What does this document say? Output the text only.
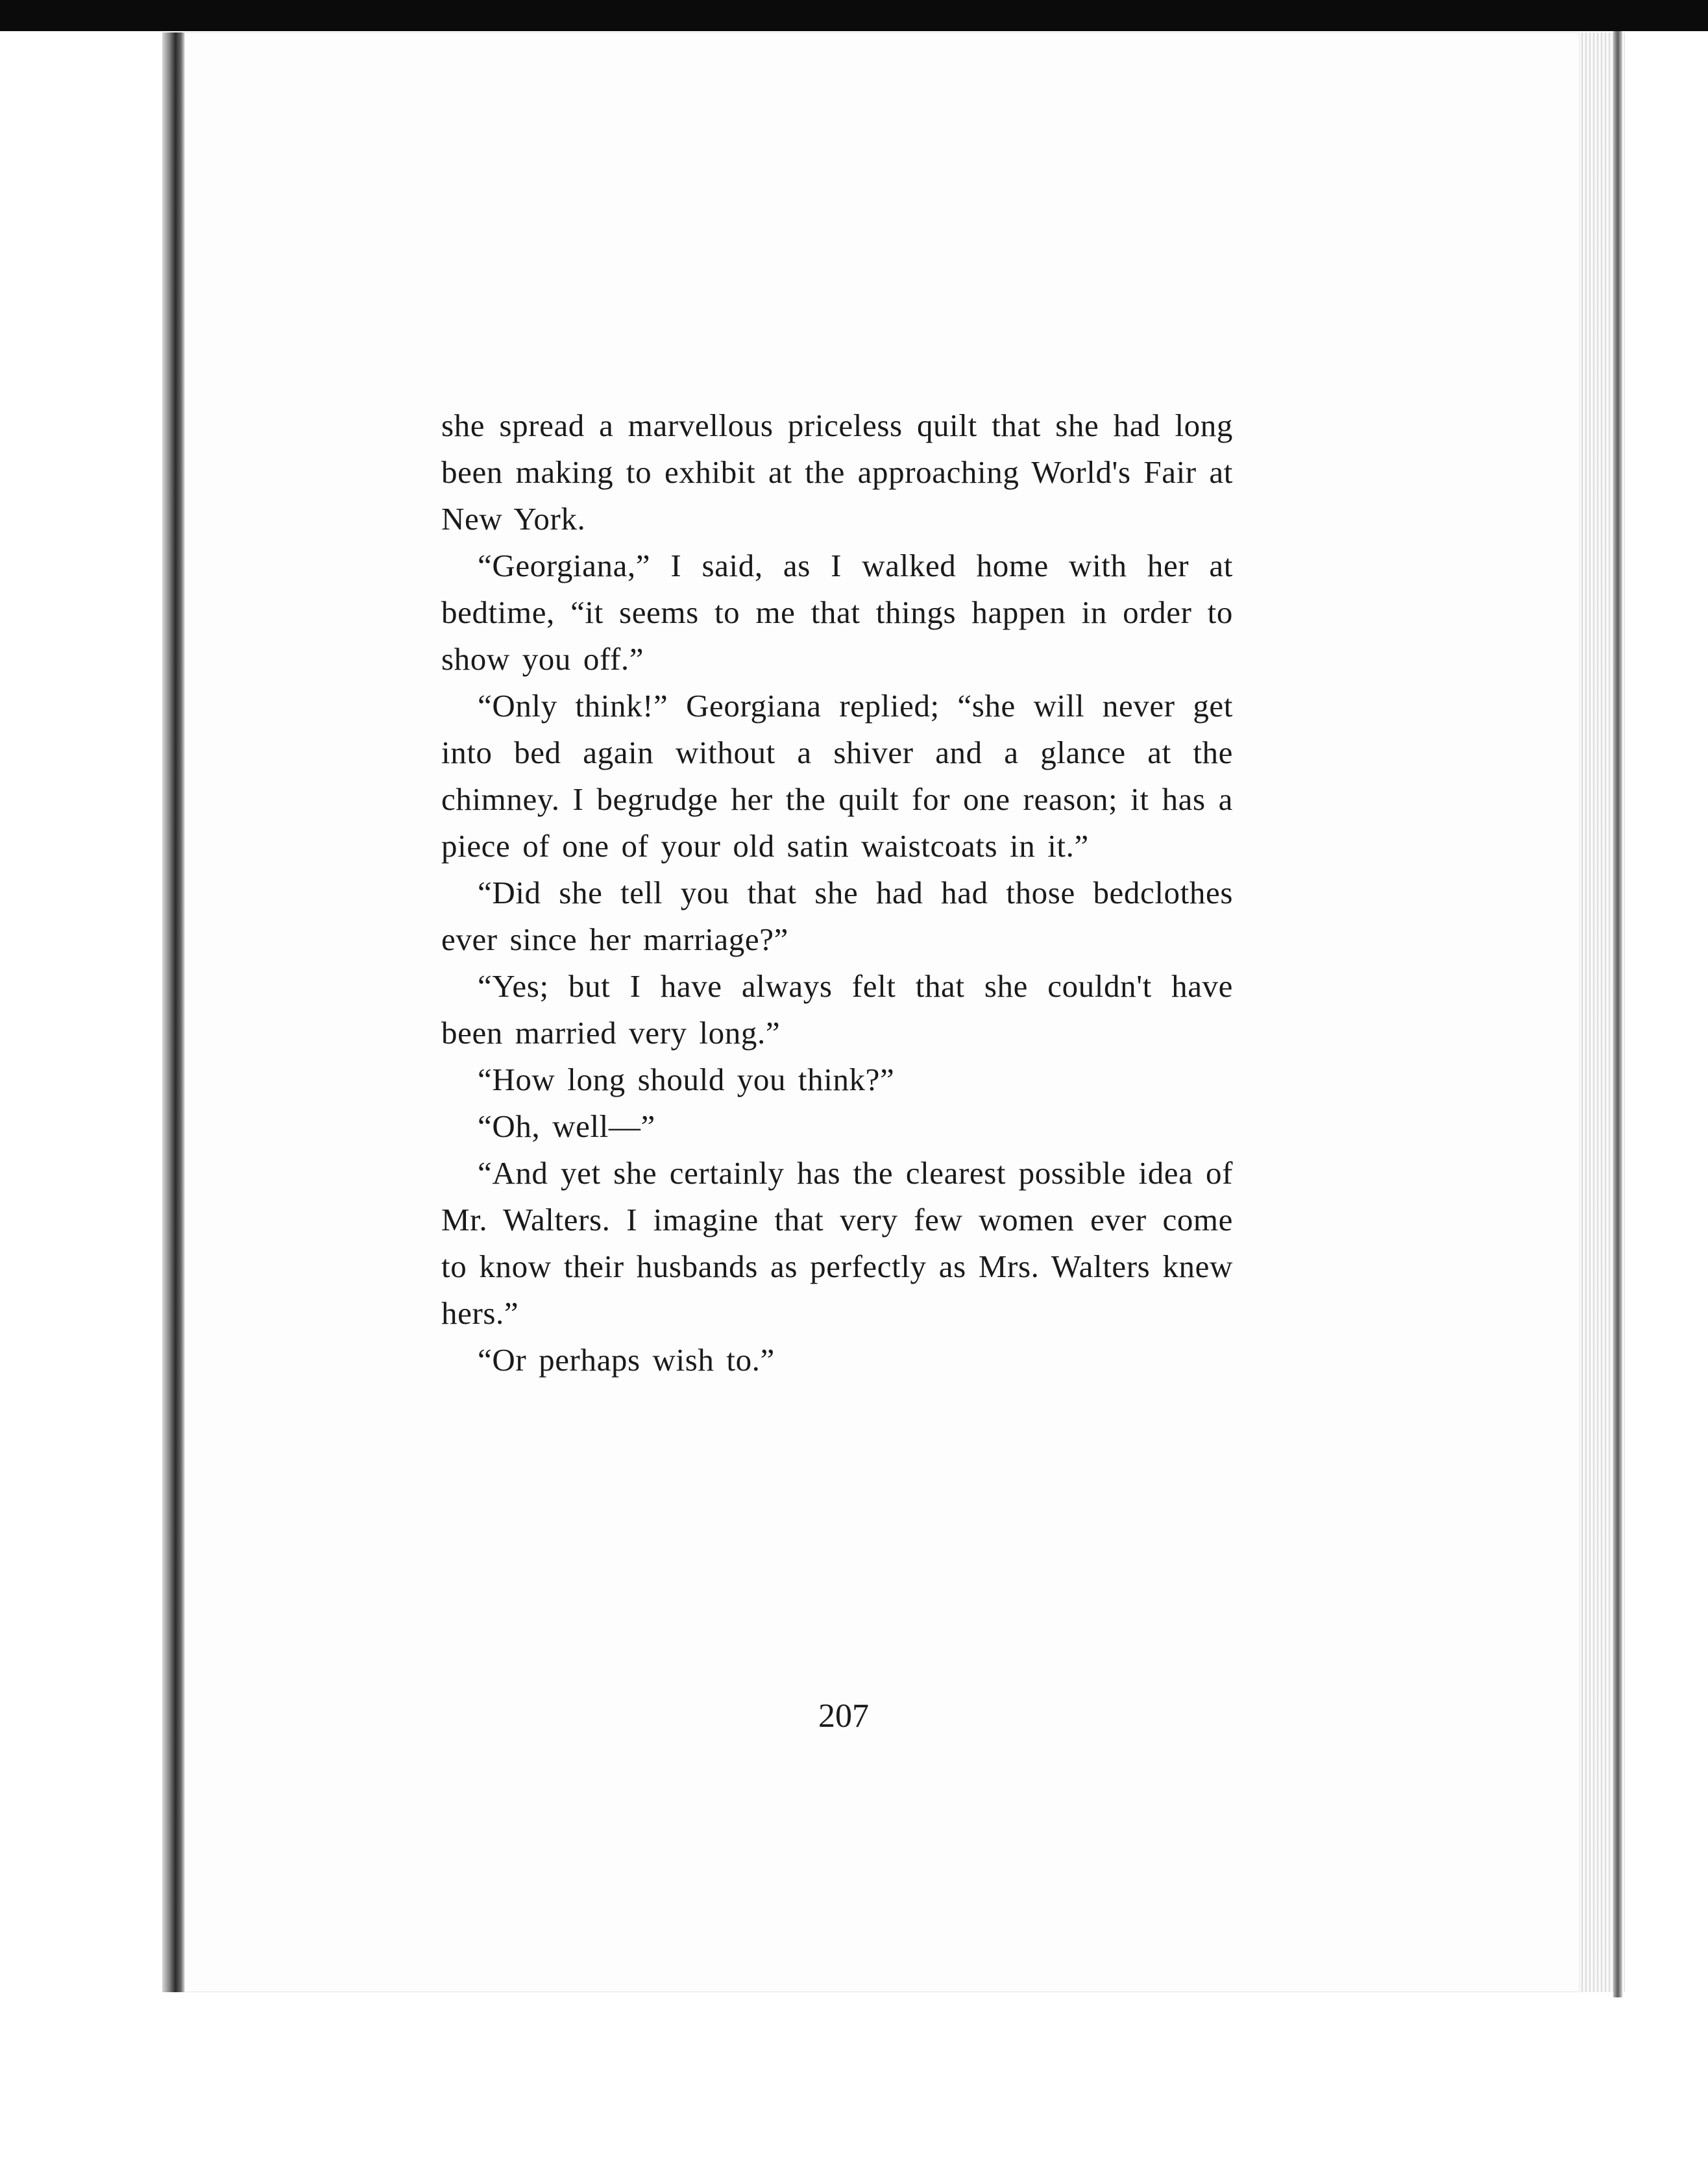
she spread a marvellous priceless quilt that she had long been making to exhibit at the approaching World's Fair at New York.

“Georgiana,” I said, as I walked home with her at bedtime, “it seems to me that things happen in order to show you off.”

“Only think!” Georgiana replied; “she will never get into bed again without a shiver and a glance at the chimney. I begrudge her the quilt for one reason; it has a piece of one of your old satin waistcoats in it.”

“Did she tell you that she had had those bedclothes ever since her marriage?”

“Yes; but I have always felt that she couldn't have been married very long.”

“How long should you think?”

“Oh, well—”

“And yet she certainly has the clearest possible idea of Mr. Walters. I imagine that very few women ever come to know their husbands as perfectly as Mrs. Walters knew hers.”

“Or perhaps wish to.”

207
